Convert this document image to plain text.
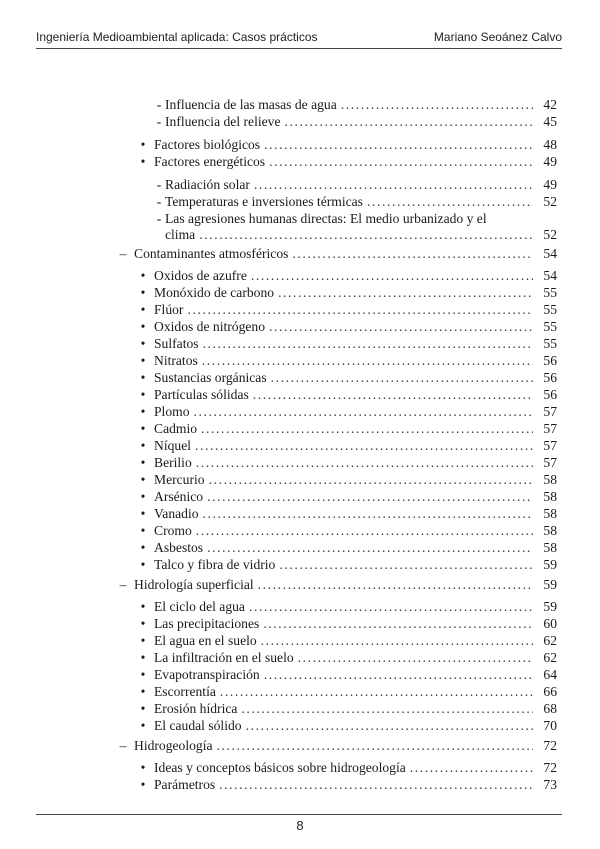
Ingeniería Medioambiental aplicada: Casos prácticos	Mariano Seoánez Calvo
- Influencia de las masas de agua .....	42
- Influencia del relieve .....	45
• Factores biológicos .....	48
• Factores energéticos .....	49
- Radiación solar .....	49
- Temperaturas e inversiones térmicas .....	52
- Las agresiones humanas directas: El medio urbanizado y el
clima .....	52
– Contaminantes atmosféricos .....	54
• Oxidos de azufre .....	54
• Monóxido de carbono .....	55
• Flúor .....	55
• Oxidos de nitrógeno .....	55
• Sulfatos .....	55
• Nitratos .....	56
• Sustancias orgánicas .....	56
• Partículas sólidas .....	56
• Plomo .....	57
• Cadmio .....	57
• Níquel .....	57
• Berilio .....	57
• Mercurio .....	58
• Arsénico .....	58
• Vanadio .....	58
• Cromo .....	58
• Asbestos .....	58
• Talco y fibra de vidrio .....	59
– Hidrología superficial .....	59
• El ciclo del agua .....	59
• Las precipitaciones .....	60
• El agua en el suelo .....	62
• La infiltración en el suelo .....	62
• Evapotranspiración .....	64
• Escorrentía .....	66
• Erosión hídrica .....	68
• El caudal sólido .....	70
– Hidrogeología .....	72
• Ideas y conceptos básicos sobre hidrogeología .....	72
• Parámetros .....	73
8
